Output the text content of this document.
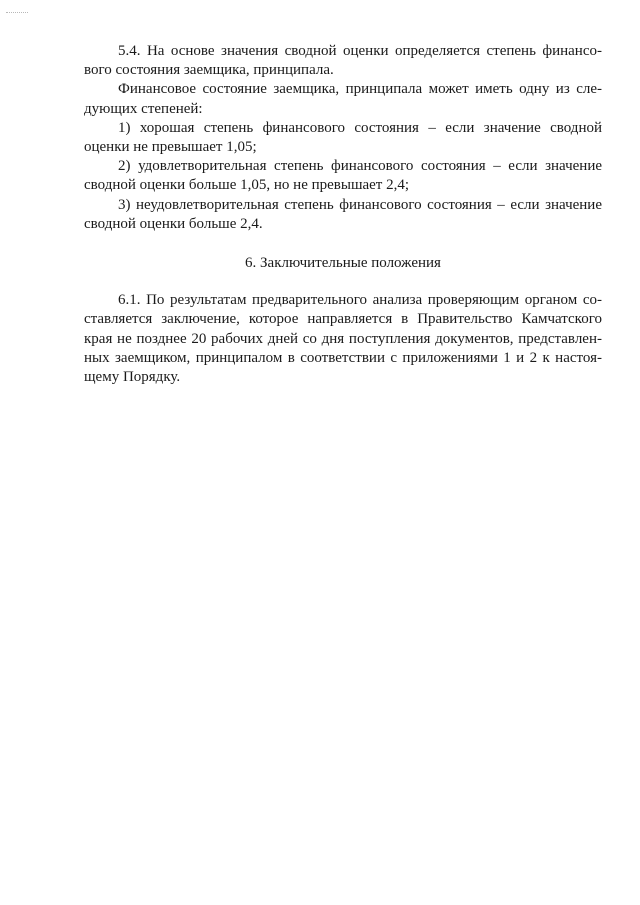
5.4. На основе значения сводной оценки определяется степень финансового состояния заемщика, принципала.

Финансовое состояние заемщика, принципала может иметь одну из следующих степеней:

1) хорошая степень финансового состояния – если значение сводной оценки не превышает 1,05;

2) удовлетворительная степень финансового состояния – если значение сводной оценки больше 1,05, но не превышает 2,4;

3) неудовлетворительная степень финансового состояния – если значение сводной оценки больше 2,4.

6. Заключительные положения

6.1. По результатам предварительного анализа проверяющим органом составляется заключение, которое направляется в Правительство Камчатского края не позднее 20 рабочих дней со дня поступления документов, представленных заемщиком, принципалом в соответствии с приложениями 1 и 2 к настоящему Порядку.
